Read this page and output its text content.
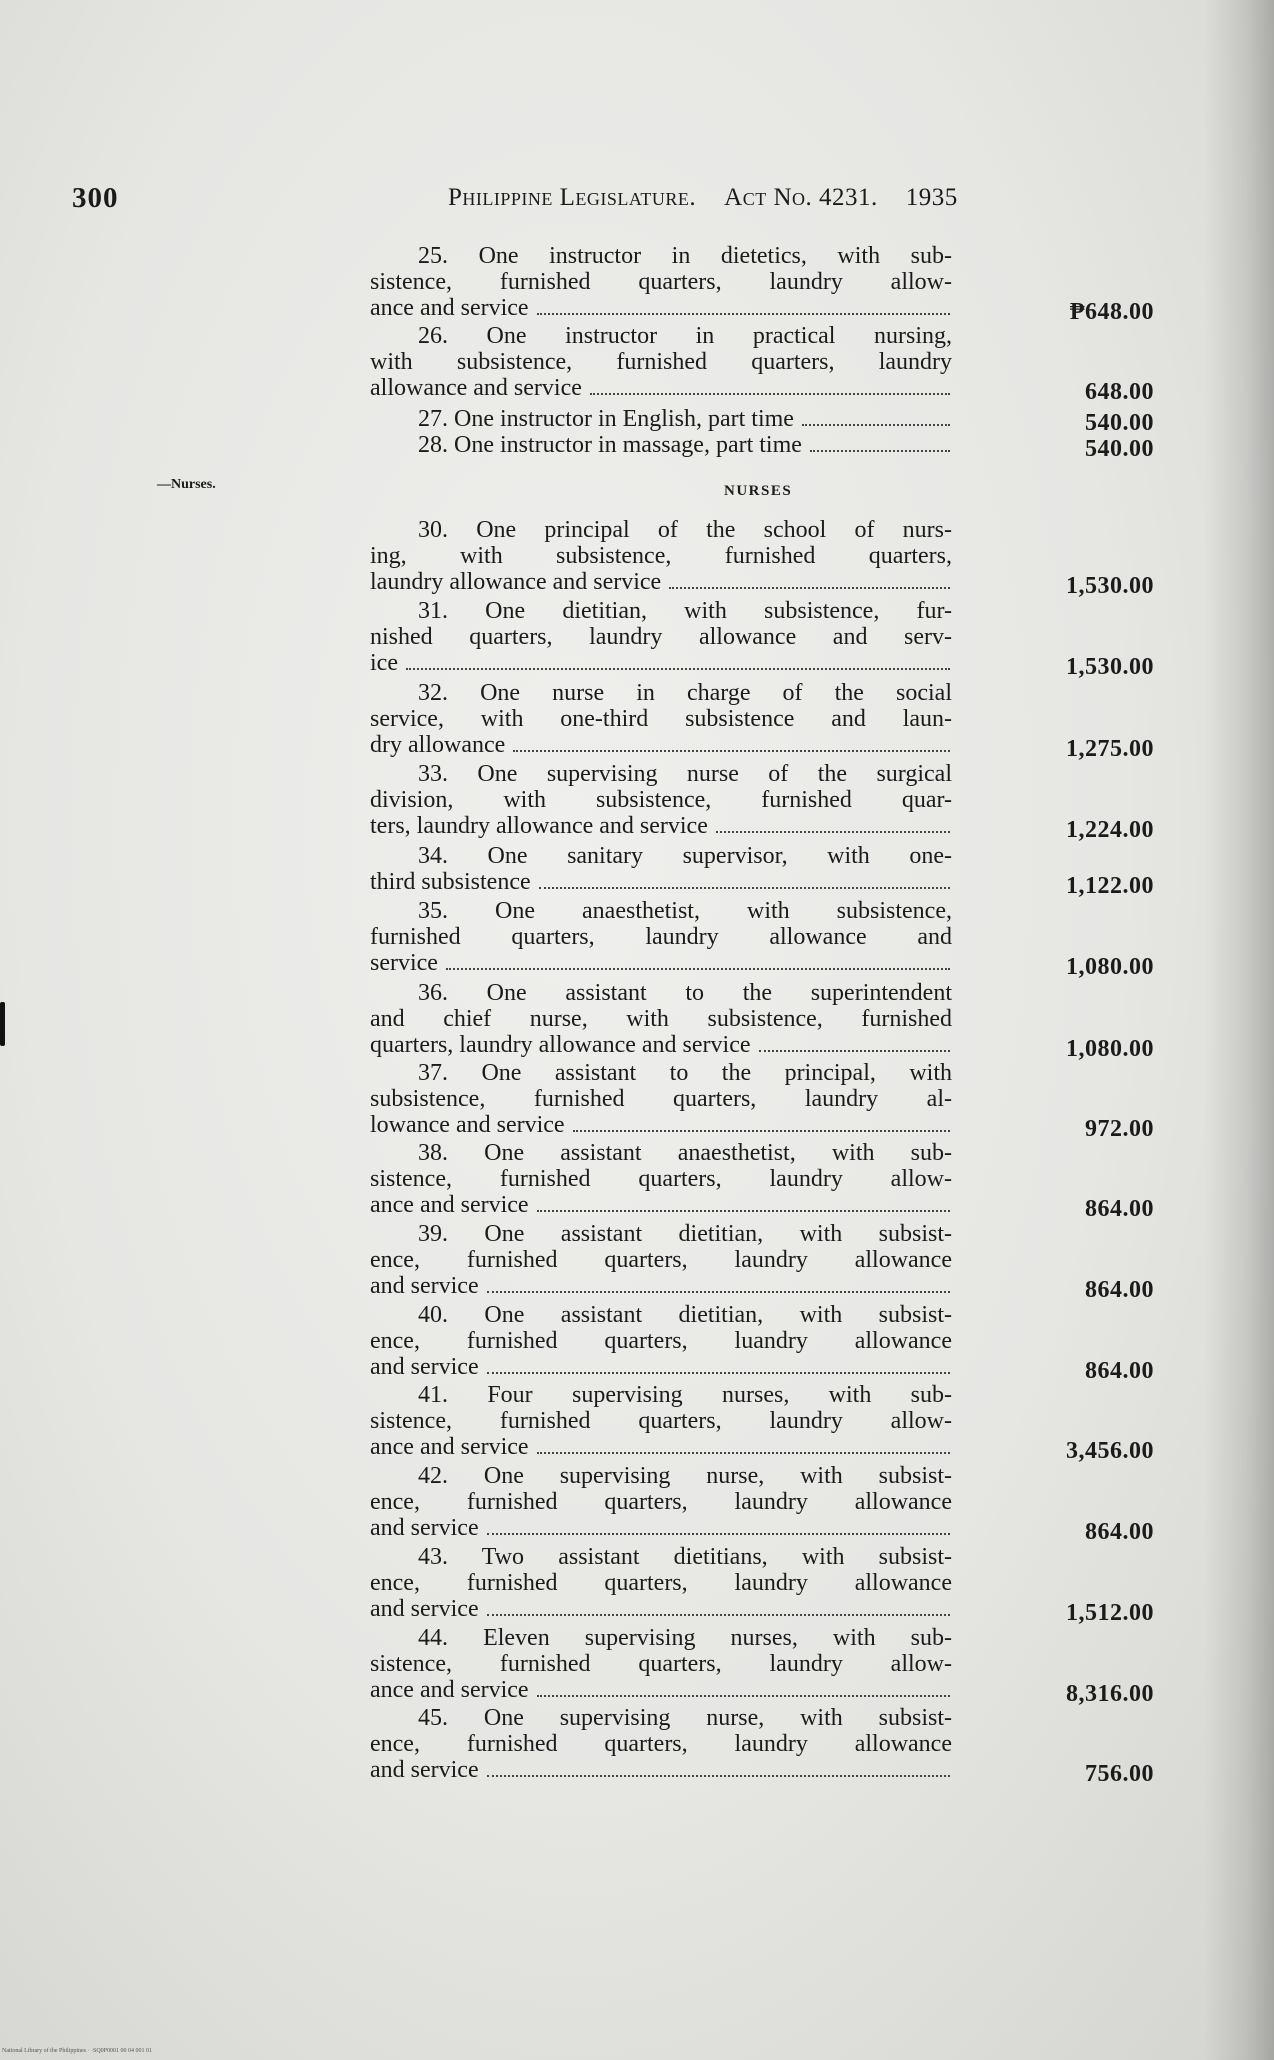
300	Philippine Legislature. Act No. 4231. 1935
—Nurses.	NURSES
25. One instructor in dietetics, with sub-
sistence, furnished quarters, laundry allow-
ance and service	₱648.00
26. One instructor in practical nursing,
with subsistence, furnished quarters, laundry
allowance and service	648.00
27. One instructor in English, part time	540.00
28. One instructor in massage, part time	540.00
30. One principal of the school of nurs-
ing, with subsistence, furnished quarters,
laundry allowance and service	1,530.00
31. One dietitian, with subsistence, fur-
nished quarters, laundry allowance and serv-
ice	1,530.00
32. One nurse in charge of the social
service, with one-third subsistence and laun-
dry allowance	1,275.00
33. One supervising nurse of the surgical
division, with subsistence, furnished quar-
ters, laundry allowance and service	1,224.00
34. One sanitary supervisor, with one-
third subsistence	1,122.00
35. One anaesthetist, with subsistence,
furnished quarters, laundry allowance and
service	1,080.00
36. One assistant to the superintendent
and chief nurse, with subsistence, furnished
quarters, laundry allowance and service	1,080.00
37. One assistant to the principal, with
subsistence, furnished quarters, laundry al-
lowance and service	972.00
38. One assistant anaesthetist, with sub-
sistence, furnished quarters, laundry allow-
ance and service	864.00
39. One assistant dietitian, with subsist-
ence, furnished quarters, laundry allowance
and service	864.00
40. One assistant dietitian, with subsist-
ence, furnished quarters, luandry allowance
and service	864.00
41. Four supervising nurses, with sub-
sistence, furnished quarters, laundry allow-
ance and service	3,456.00
42. One supervising nurse, with subsist-
ence, furnished quarters, laundry allowance
and service	864.00
43. Two assistant dietitians, with subsist-
ence, furnished quarters, laundry allowance
and service	1,512.00
44. Eleven supervising nurses, with sub-
sistence, furnished quarters, laundry allow-
ance and service	8,316.00
45. One supervising nurse, with subsist-
ence, furnished quarters, laundry allowance
and service	756.00
National Library of the Philippines · ·SQ0P0001 00 04 001 01
